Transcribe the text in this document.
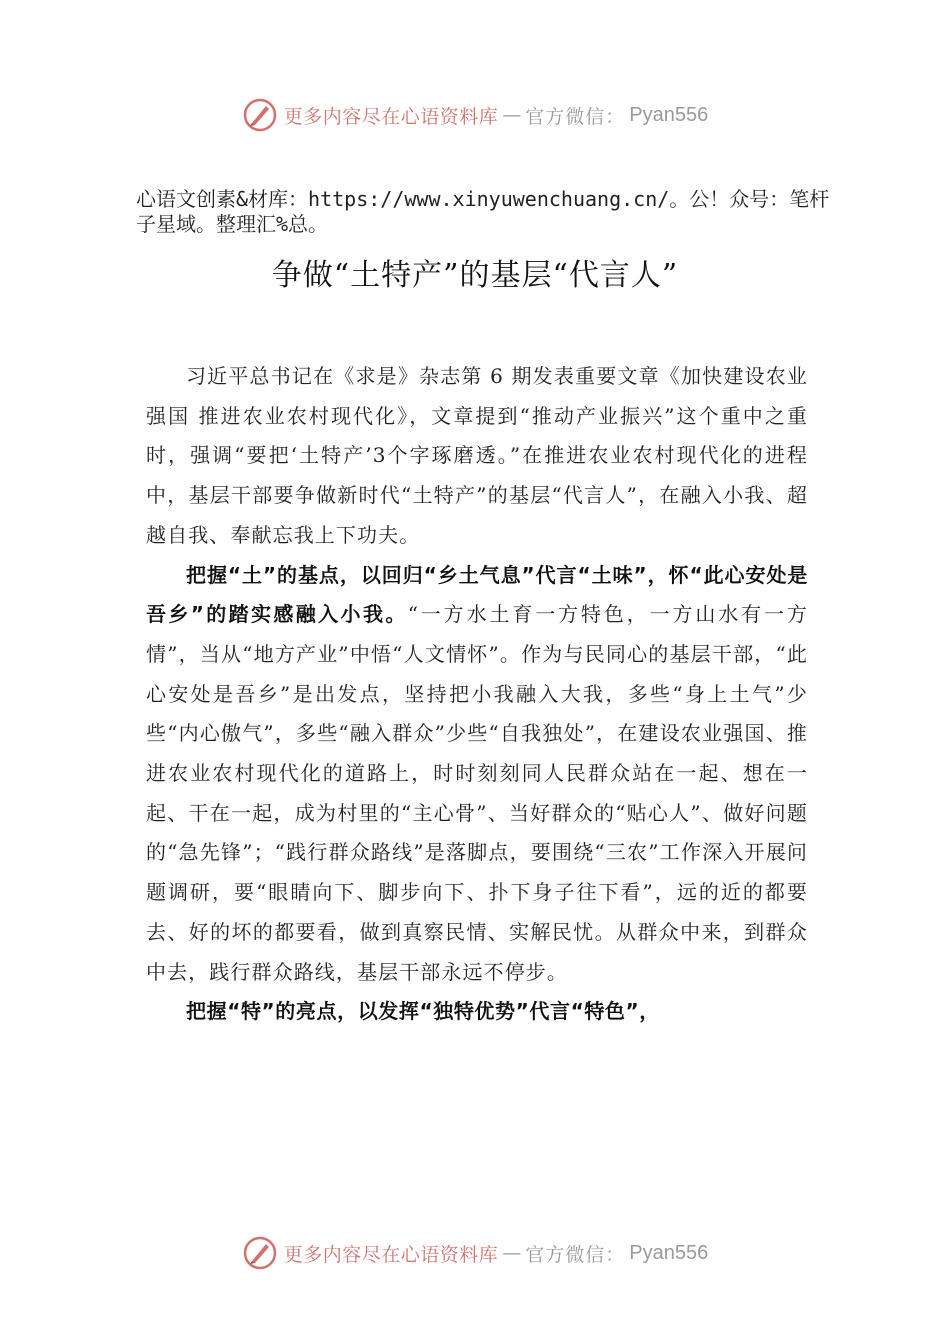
更多内容尽在心语资料库 — 官方微信： Pyan556

心语文创素&材库：https://www.xinyuwenchuang.cn/。公！众号：笔杆子星域。整理汇%总。

争做“土特产”的基层“代言人”

习近平总书记在《求是》杂志第 6 期发表重要文章《加快建设农业强国 推进农业农村现代化》，文章提到“推动产业振兴”这个重中之重时，强调“要把‘土特产’3个字琢磨透。”在推进农业农村现代化的进程中，基层干部要争做新时代“土特产”的基层“代言人”，在融入小我、超越自我、奉献忘我上下功夫。

把握“土”的基点，以回归“乡土气息”代言“土味”，怀“此心安处是吾乡”的踏实感融入小我。“一方水土育一方特色，一方山水有一方情”，当从“地方产业”中悟“人文情怀”。作为与民同心的基层干部，“此心安处是吾乡”是出发点，坚持把小我融入大我，多些“身上土气”少些“内心傲气”，多些“融入群众”少些“自我独处”，在建设农业强国、推进农业农村现代化的道路上，时时刻刻同人民群众站在一起、想在一起、干在一起，成为村里的“主心骨”、当好群众的“贴心人”、做好问题的“急先锋”；“践行群众路线”是落脚点，要围绕“三农”工作深入开展问题调研，要“眼睛向下、脚步向下、扑下身子往下看”，远的近的都要去、好的坏的都要看，做到真察民情、实解民忧。从群众中来，到群众中去，践行群众路线，基层干部永远不停步。

把握“特”的亮点，以发挥“独特优势”代言“特色”，

更多内容尽在心语资料库 — 官方微信： Pyan556
